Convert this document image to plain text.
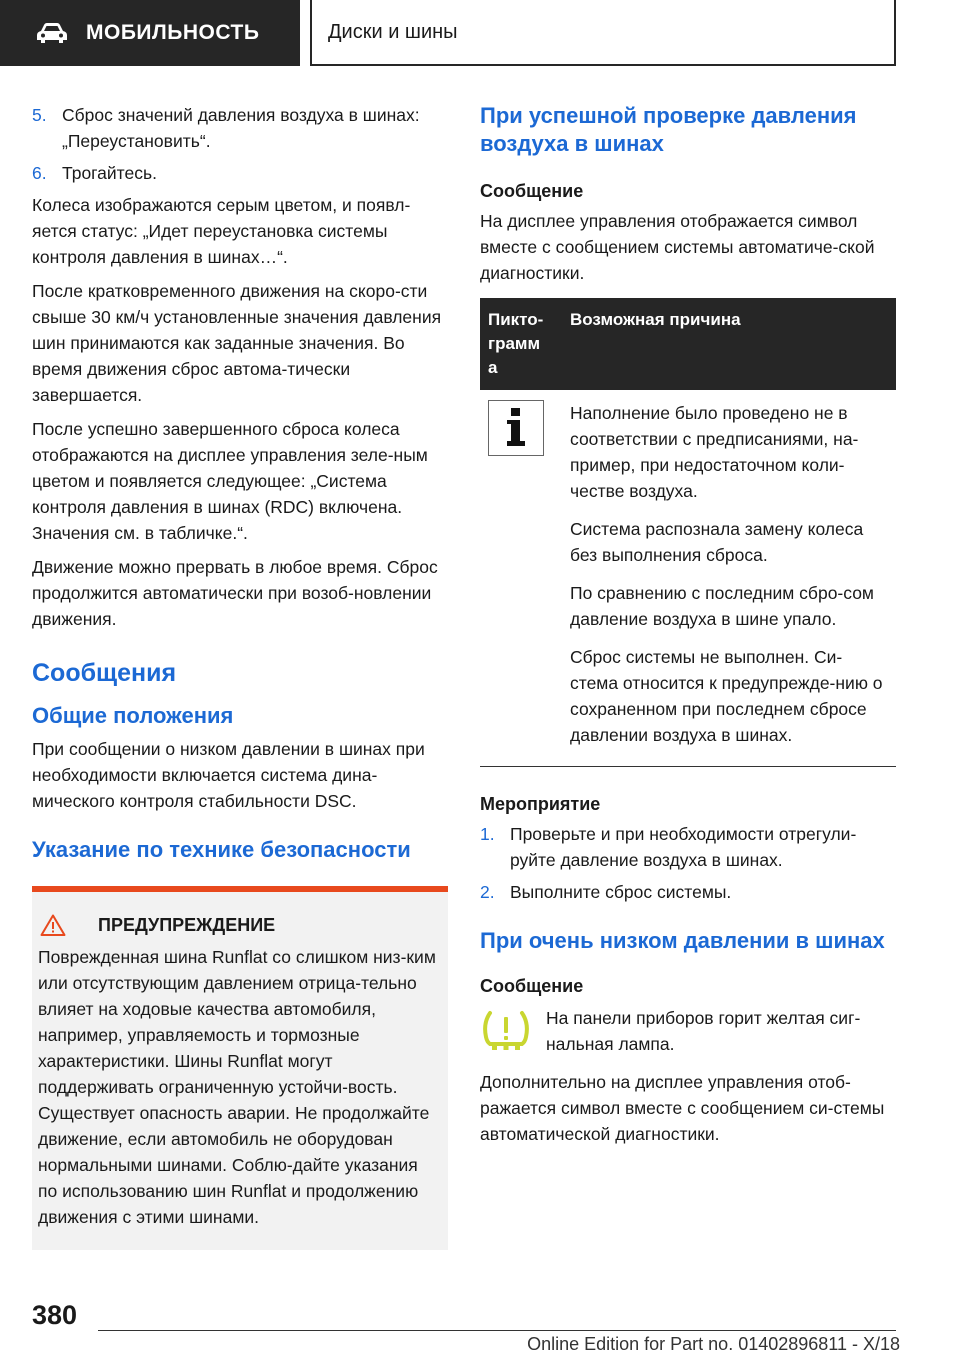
МОБИЛЬНОСТЬ	Диски и шины
5. Сброс значений давления воздуха в шинах: „Переустановить“.
6. Трогайтесь.

Колеса изображаются серым цветом, и появл-яется статус: „Идет переустановка системы контроля давления в шинах…“.

После кратковременного движения на скоро-сти свыше 30 км/ч установленные значения давления шин принимаются как заданные значения. Во время движения сброс автома-тически завершается.

После успешно завершенного сброса колеса отображаются на дисплее управления зеле-ным цветом и появляется следующее: „Система контроля давления в шинах (RDC) включена. Значения см. в табличке.“.

Движение можно прервать в любое время. Сброс продолжится автоматически при возоб-новлении движения.

Сообщения
Общие положения

При сообщении о низком давлении в шинах при необходимости включается система дина-мического контроля стабильности DSC.

Указание по технике безопасности
ПРЕДУПРЕЖДЕНИЕ

Поврежденная шина Runflat со слишком низ-ким или отсутствующим давлением отрица-тельно влияет на ходовые качества автомобиля, например, управляемость и тормозные характеристики. Шины Runflat могут поддерживать ограниченную устойчи-вость. Существует опасность аварии. Не продолжайте движение, если автомобиль не оборудован нормальными шинами. Соблю-дайте указания по использованию шин Runflat и продолжению движения с этими шинами.

При успешной проверке давления воздуха в шинах
Сообщение

На дисплее управления отображается символ вместе с сообщением системы автоматиче-ской диагностики.

Пикто-грамм а	Возможная причина

Наполнение было проведено не в соответствии с предписаниями, на-пример, при недостаточном коли-честве воздуха.

Система распознала замену колеса без выполнения сброса.

По сравнению с последним сбро-сом давление воздуха в шине упало.

Сброс системы не выполнен. Си-стема относится к предупрежде-нию о сохраненном при последнем сбросе давлении воздуха в шинах.

Мероприятие
1. Проверьте и при необходимости отрегули-руйте давление воздуха в шинах.
2. Выполните сброс системы.
При очень низком давлении в шинах
Сообщение

На панели приборов горит желтая сиг-нальная лампа.

Дополнительно на дисплее управления отоб-ражается символ вместе с сообщением си-стемы автоматической диагностики.

380
Online Edition for Part no. 01402896811 - X/18
